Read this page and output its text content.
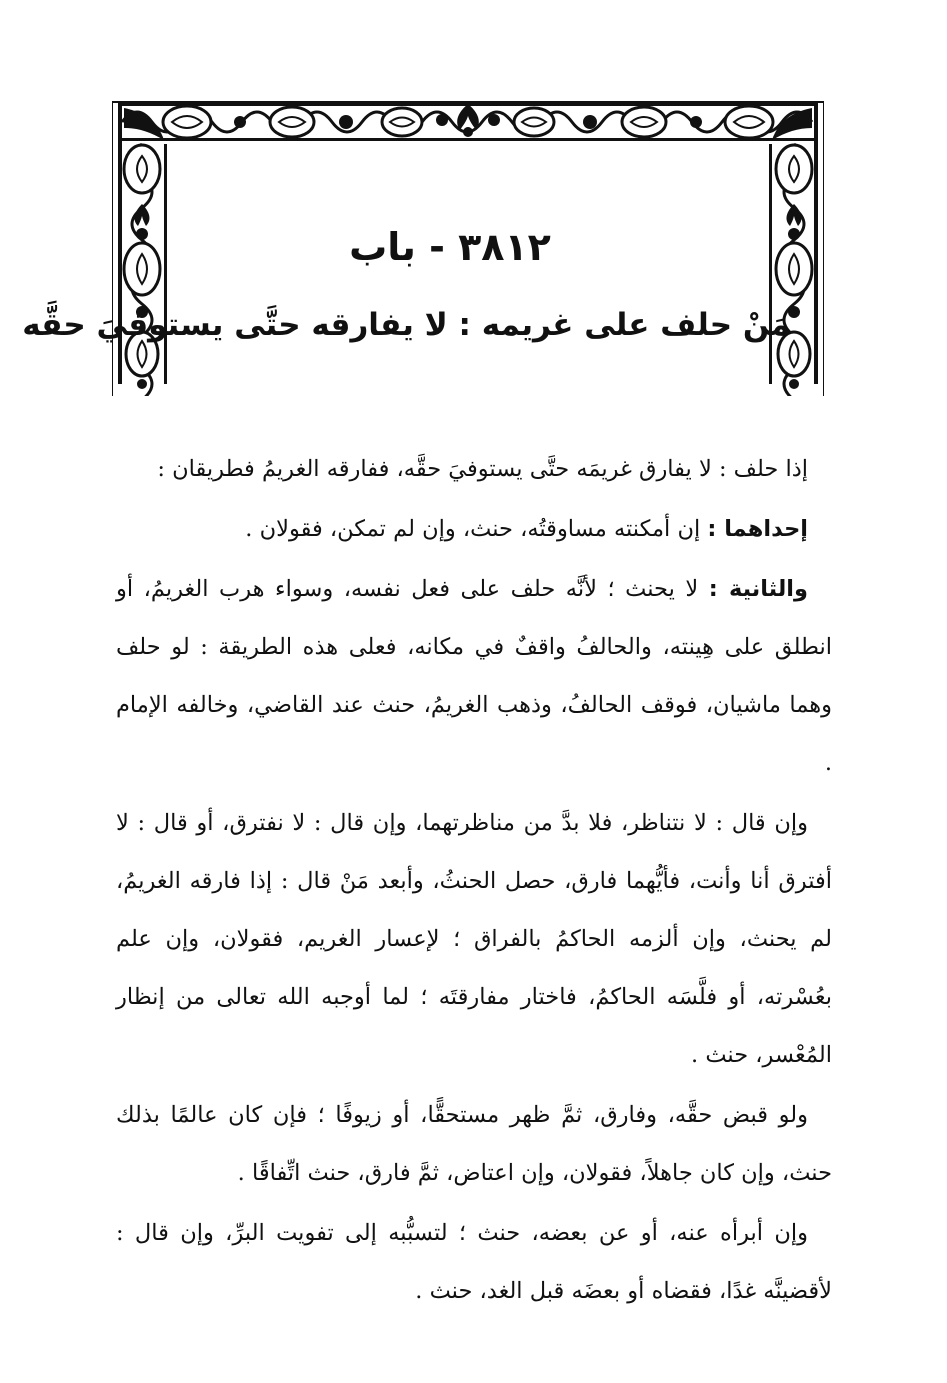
٣٨١٢ - باب
مَنْ حلف على غريمه : لا يفارقه حتَّى يستوفيَ حقَّه

إذا حلف : لا يفارق غريمَه حتَّى يستوفيَ حقَّه، ففارقه الغريمُ فطريقان :

إحداهما : إن أمكنته مساوقتُه، حنث، وإن لم تمكن، فقولان .

والثانية : لا يحنث ؛ لأنَّه حلف على فعل نفسه، وسواء هرب الغريمُ، أو انطلق على هِينته، والحالفُ واقفٌ في مكانه، فعلى هذه الطريقة : لو حلف وهما ماشيان، فوقف الحالفُ، وذهب الغريمُ، حنث عند القاضي، وخالفه الإمام .

وإن قال : لا نتناظر، فلا بدَّ من مناظرتهما، وإن قال : لا نفترق، أو قال : لا أفترق أنا وأنت، فأيُّهما فارق، حصل الحنثُ، وأبعد مَنْ قال : إذا فارقه الغريمُ، لم يحنث، وإن ألزمه الحاكمُ بالفراق ؛ لإعسار الغريم، فقولان، وإن علم بعُسْرته، أو فلَّسَه الحاكمُ، فاختار مفارقتَه ؛ لما أوجبه الله تعالى من إنظار المُعْسر، حنث .

ولو قبض حقَّه، وفارق، ثمَّ ظهر مستحقًّا، أو زيوفًا ؛ فإن كان عالمًا بذلك حنث، وإن كان جاهلاً، فقولان، وإن اعتاض، ثمَّ فارق، حنث اتِّفاقًا .

وإن أبرأه عنه، أو عن بعضه، حنث ؛ لتسبُّبه إلى تفويت البرِّ، وإن قال : لأقضينَّه غدًا، فقضاه أو بعضَه قبل الغد، حنث .
